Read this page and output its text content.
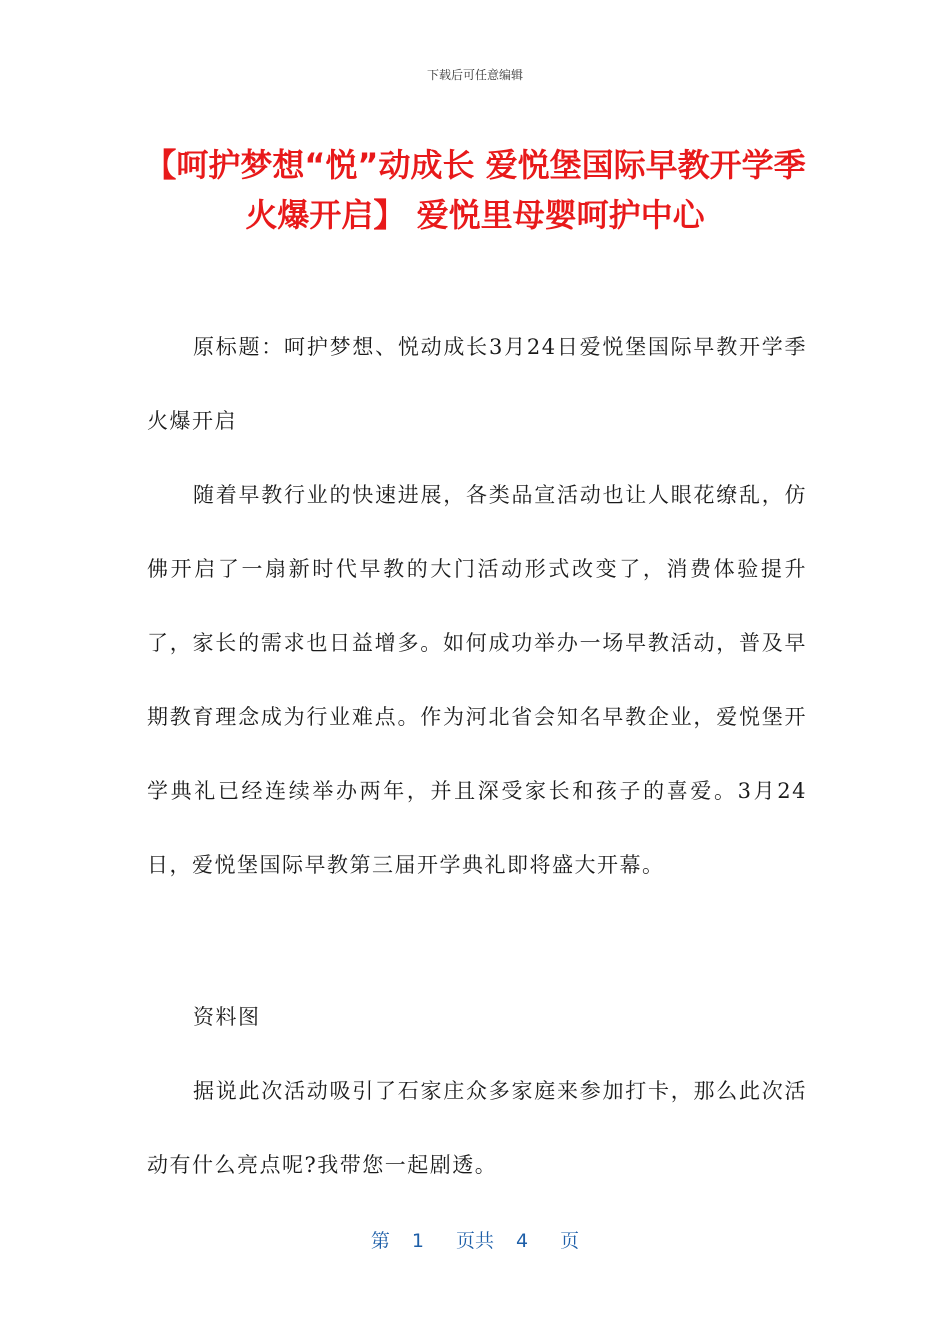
下载后可任意编辑
【呵护梦想“悦”动成长 爱悦堡国际早教开学季火爆开启】 爱悦里母婴呵护中心

原标题：呵护梦想、悦动成长3月24日爱悦堡国际早教开学季火爆开启

随着早教行业的快速进展，各类品宣活动也让人眼花缭乱，仿佛开启了一扇新时代早教的大门活动形式改变了，消费体验提升了，家长的需求也日益增多。如何成功举办一场早教活动，普及早期教育理念成为行业难点。作为河北省会知名早教企业，爱悦堡开学典礼已经连续举办两年，并且深受家长和孩子的喜爱。3月24日，爱悦堡国际早教第三届开学典礼即将盛大开幕。

资料图

据说此次活动吸引了石家庄众多家庭来参加打卡，那么此次活动有什么亮点呢?我带您一起剧透。

第 1 页共 4 页
